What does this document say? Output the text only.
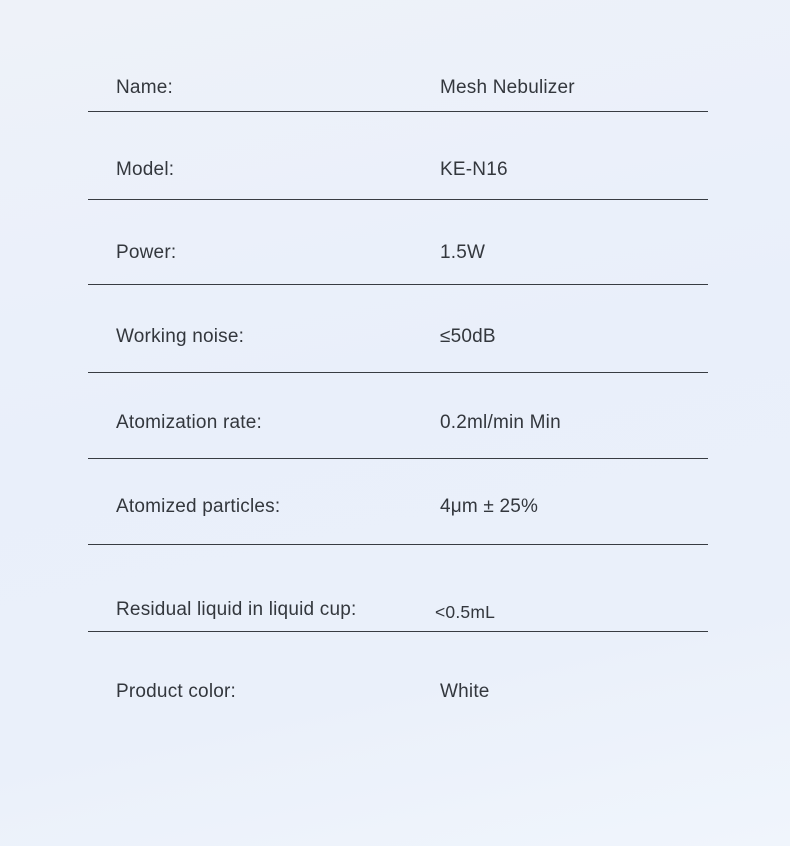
Name:	Mesh Nebulizer
Model:	KE-N16
Power:	1.5W
Working noise:	≤50dB
Atomization rate:	0.2ml/min Min
Atomized particles:	4μm ± 25%
Residual liquid in liquid cup:	<0.5mL
Product color:	White
